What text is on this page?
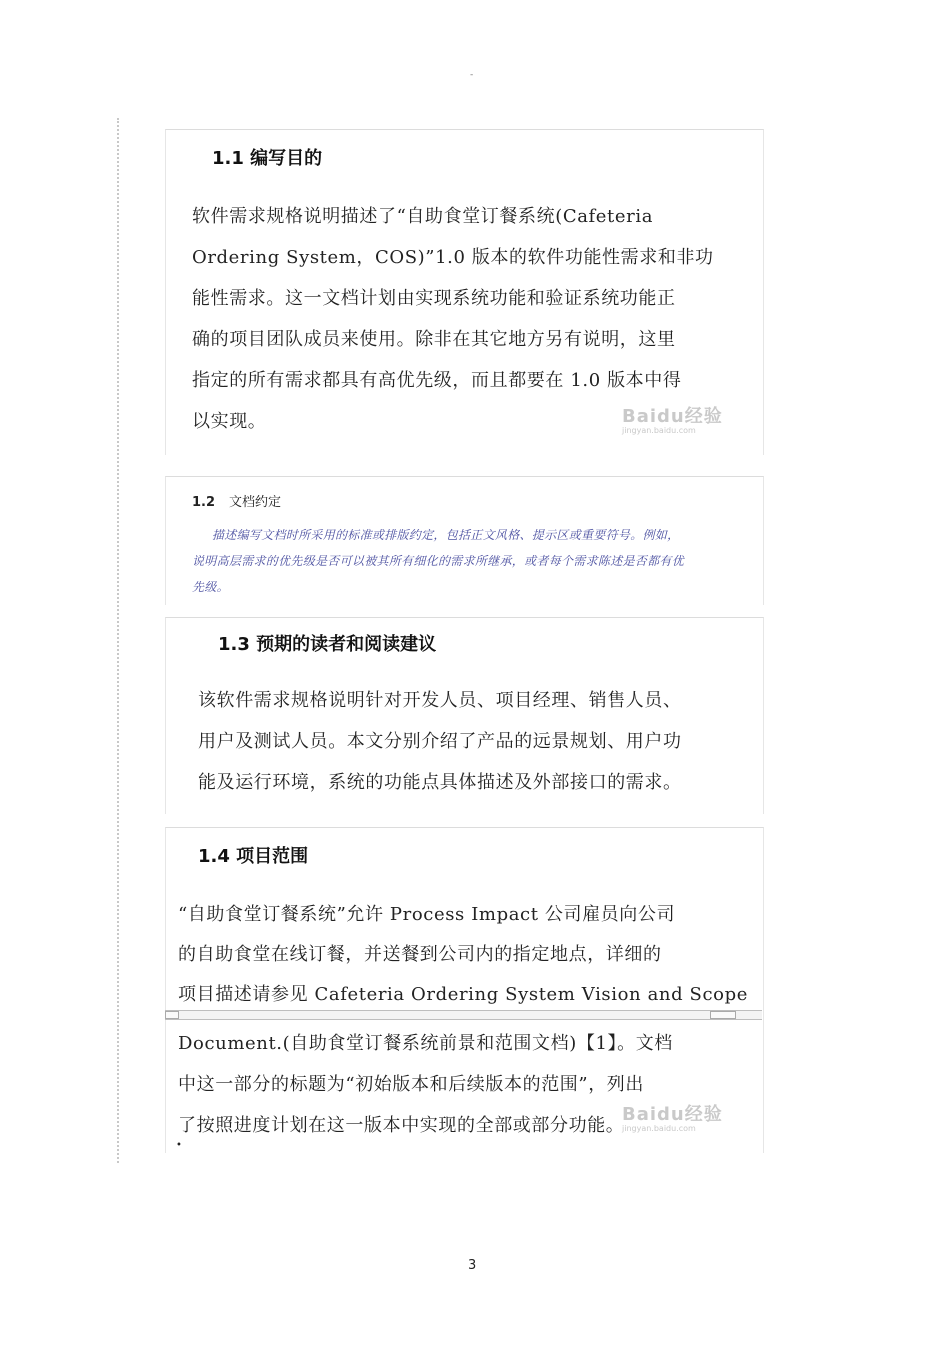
-
1.1 编写目的
软件需求规格说明描述了“自助食堂订餐系统(Cafeteria
Ordering System，COS)”1.0 版本的软件功能性需求和非功
能性需求。这一文档计划由实现系统功能和验证系统功能正
确的项目团队成员来使用。除非在其它地方另有说明，这里
指定的所有需求都具有高优先级，而且都要在 1.0 版本中得
以实现。	Baidu经验
jingyan.baidu.com
1.2 文档约定
描述编写文档时所采用的标准或排版约定，包括正文风格、提示区或重要符号。例如，
说明高层需求的优先级是否可以被其所有细化的需求所继承，或者每个需求陈述是否都有优
先级。
1.3 预期的读者和阅读建议
该软件需求规格说明针对开发人员、项目经理、销售人员、
用户及测试人员。本文分别介绍了产品的远景规划、用户功
能及运行环境，系统的功能点具体描述及外部接口的需求。
1.4 项目范围
“自助食堂订餐系统”允许 Process Impact 公司雇员向公司
的自助食堂在线订餐，并送餐到公司内的指定地点，详细的
项目描述请参见 Cafeteria Ordering System Vision and Scope
Document.(自助食堂订餐系统前景和范围文档)【1】。文档
中这一部分的标题为“初始版本和后续版本的范围”，列出
了按照进度计划在这一版本中实现的全部或部分功能。
Baidu经验
jingyan.baidu.com
•
3
